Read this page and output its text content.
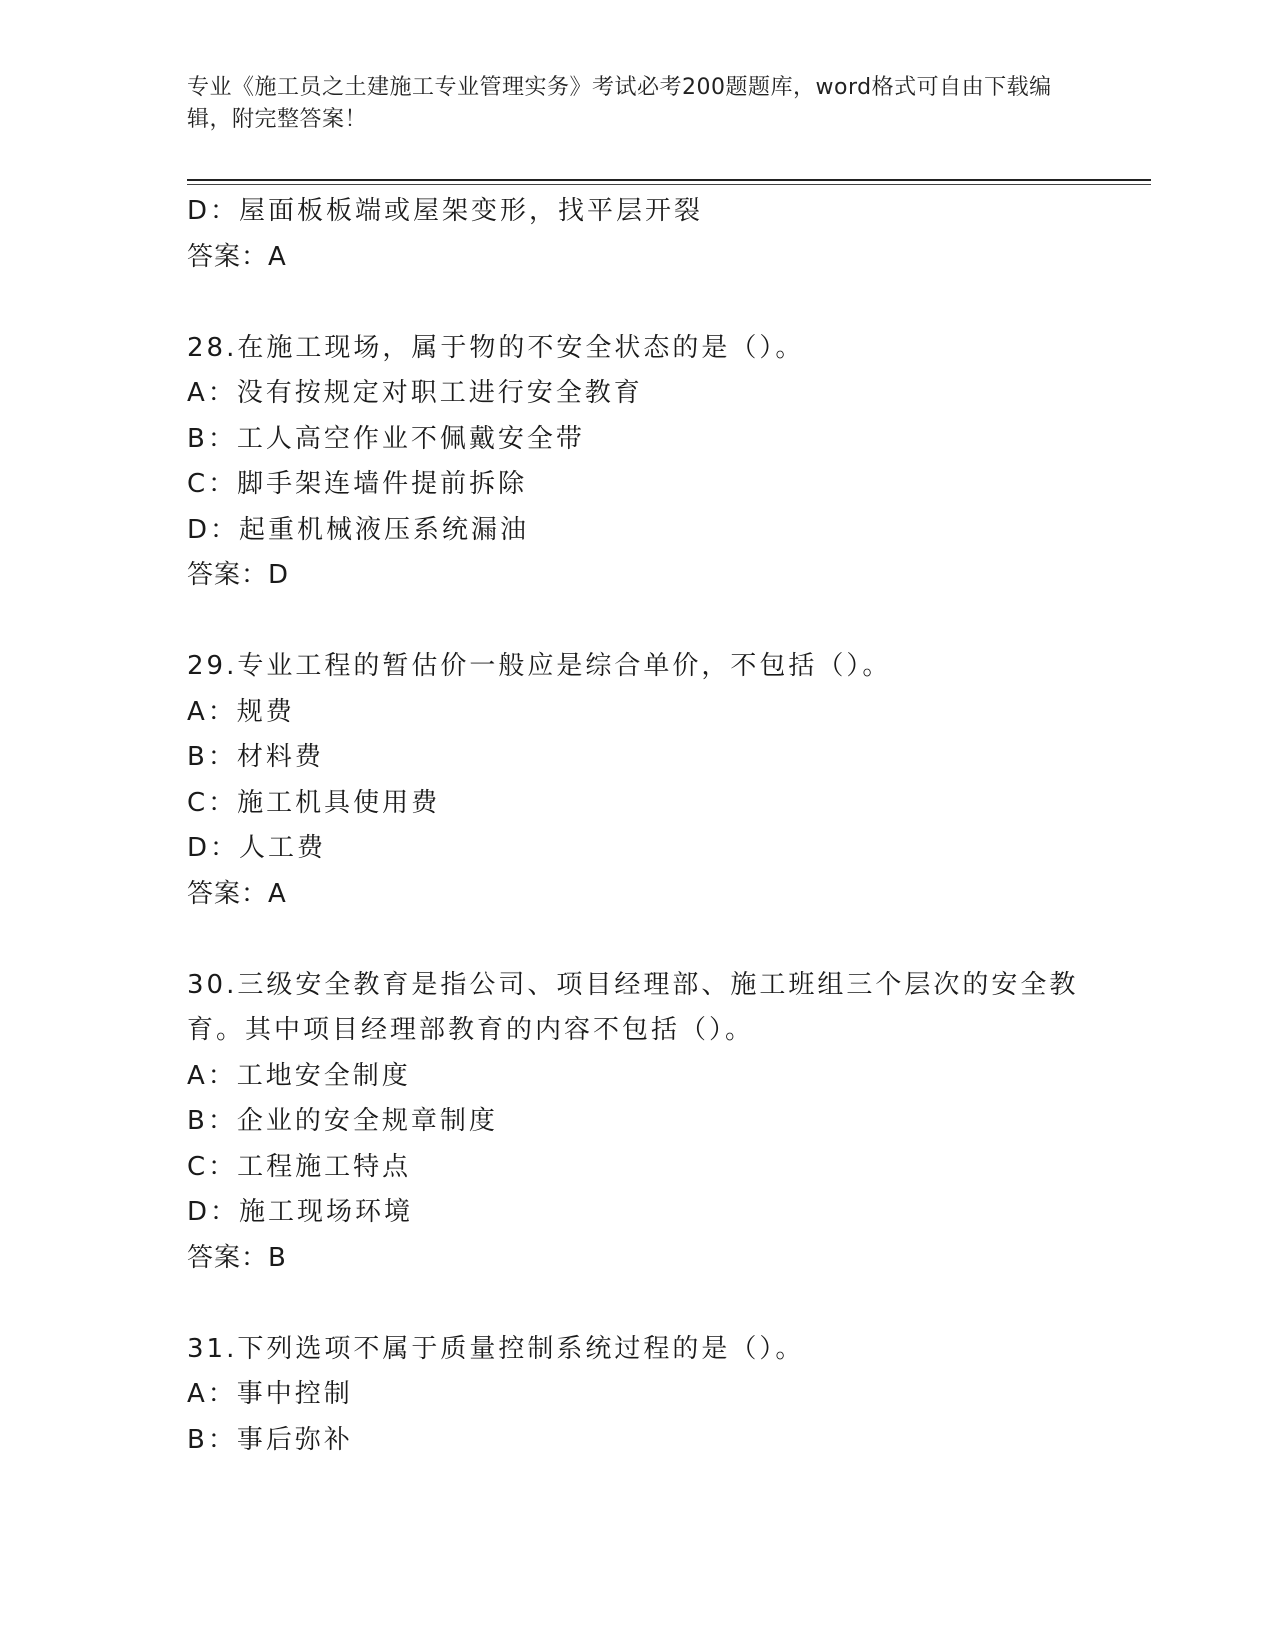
专业《施工员之土建施工专业管理实务》考试必考200题题库，word格式可自由下载编辑，附完整答案！
D：屋面板板端或屋架变形，找平层开裂
答案：A
28.在施工现场，属于物的不安全状态的是（）。
A：没有按规定对职工进行安全教育
B：工人高空作业不佩戴安全带
C：脚手架连墙件提前拆除
D：起重机械液压系统漏油
答案：D
29.专业工程的暂估价一般应是综合单价，不包括（）。
A：规费
B：材料费
C：施工机具使用费
D：人工费
答案：A
30.三级安全教育是指公司、项目经理部、施工班组三个层次的安全教
育。其中项目经理部教育的内容不包括（）。
A：工地安全制度
B：企业的安全规章制度
C：工程施工特点
D：施工现场环境
答案：B
31.下列选项不属于质量控制系统过程的是（）。
A：事中控制
B：事后弥补
